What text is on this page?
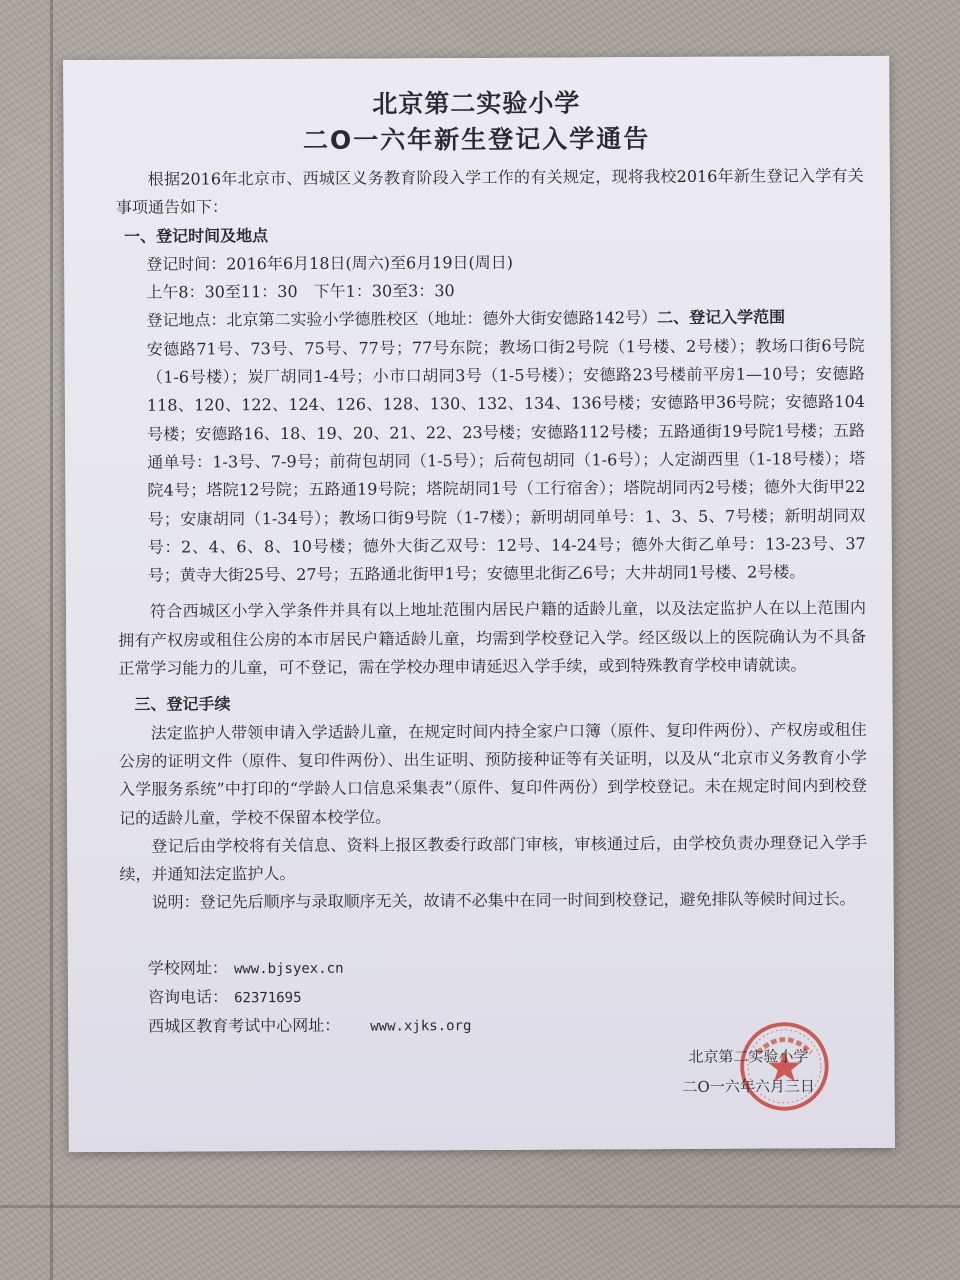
北京第二实验小学
二O一六年新生登记入学通告

根据2016年北京市、西城区义务教育阶段入学工作的有关规定，现将我校2016年新生登记入学有关事项通告如下：

一、登记时间及地点

登记时间：2016年6月18日(周六)至6月19日(周日)

上午8：30至11：30　下午1：30至3：30

登记地点：北京第二实验小学德胜校区（地址：德外大街安德路142号）二、登记入学范围

安德路71号、73号、75号、77号；77号东院；教场口街2号院（1号楼、2号楼）；教场口街6号院（1-6号楼）；炭厂胡同1-4号；小市口胡同3号（1-5号楼）；安德路23号楼前平房1—10号；安德路118、120、122、124、126、128、130、132、134、136号楼；安德路甲36号院；安德路104号楼；安德路16、18、19、20、21、22、23号楼；安德路112号楼；五路通街19号院1号楼；五路通单号：1-3号、7-9号；前荷包胡同（1-5号）；后荷包胡同（1-6号）；人定湖西里（1-18号楼）；塔院4号；塔院12号院；五路通19号院；塔院胡同1号（工行宿舍）；塔院胡同丙2号楼；德外大街甲22号；安康胡同（1-34号）；教场口街9号院（1-7楼）；新明胡同单号：1、3、5、7号楼；新明胡同双号：2、4、6、8、10号楼；德外大街乙双号：12号、14-24号；德外大街乙单号：13-23号、37号；黄寺大街25号、27号；五路通北街甲1号；安德里北街乙6号；大井胡同1号楼、2号楼。

符合西城区小学入学条件并具有以上地址范围内居民户籍的适龄儿童，以及法定监护人在以上范围内拥有产权房或租住公房的本市居民户籍适龄儿童，均需到学校登记入学。经区级以上的医院确认为不具备正常学习能力的儿童，可不登记，需在学校办理申请延迟入学手续，或到特殊教育学校申请就读。

三、登记手续

法定监护人带领申请入学适龄儿童，在规定时间内持全家户口簿（原件、复印件两份）、产权房或租住公房的证明文件（原件、复印件两份）、出生证明、预防接种证等有关证明，以及从“北京市义务教育小学入学服务系统”中打印的“学龄人口信息采集表”（原件、复印件两份）到学校登记。未在规定时间内到校登记的适龄儿童，学校不保留本校学位。

登记后由学校将有关信息、资料上报区教委行政部门审核，审核通过后，由学校负责办理登记入学手续，并通知法定监护人。

说明：登记先后顺序与录取顺序无关，故请不必集中在同一时间到校登记，避免排队等候时间过长。

学校网址： www.bjsyex.cn
咨询电话： 62371695
西城区教育考试中心网址： www.xjks.org
北京第二实验小学
二O一六年六月三日
